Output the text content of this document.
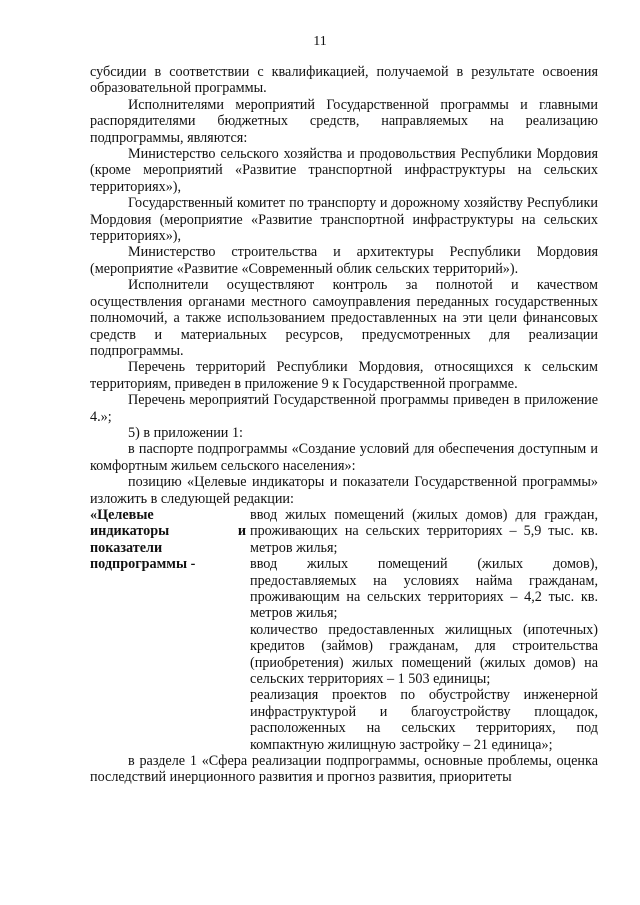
11

субсидии в соответствии с квалификацией, получаемой в результате освоения образовательной программы.

Исполнителями мероприятий Государственной программы и главными распорядителями бюджетных средств, направляемых на реализацию подпрограммы, являются:

Министерство сельского хозяйства и продовольствия Республики Мордовия (кроме мероприятий «Развитие транспортной инфраструктуры на сельских территориях»),

Государственный комитет по транспорту и дорожному хозяйству Республики Мордовия (мероприятие «Развитие транспортной инфраструктуры на сельских территориях»),

Министерство строительства и архитектуры Республики Мордовия (мероприятие «Развитие «Современный облик сельских территорий»).

Исполнители осуществляют контроль за полнотой и качеством осуществления органами местного самоуправления переданных государственных полномочий, а также использованием предоставленных на эти цели финансовых средств и материальных ресурсов, предусмотренных для реализации подпрограммы.

Перечень территорий Республики Мордовия, относящихся к сельским территориям, приведен в приложение 9 к Государственной программе.

Перечень мероприятий Государственной программы приведен в приложение 4.»;

5) в приложении 1:

в паспорте подпрограммы «Создание условий для обеспечения доступным и комфортным жильем сельского населения»:

позицию «Целевые индикаторы и показатели Государственной программы» изложить в следующей редакции:

«Целевые
индикаторы и
показатели
подпрограммы -

ввод жилых помещений (жилых домов) для граждан, проживающих на сельских территориях – 5,9 тыс. кв. метров жилья;

ввод жилых помещений (жилых домов), предоставляемых на условиях найма гражданам, проживающим на сельских территориях – 4,2 тыс. кв. метров жилья;

количество предоставленных жилищных (ипотечных) кредитов (займов) гражданам, для строительства (приобретения) жилых помещений (жилых домов) на сельских территориях – 1 503 единицы;

реализация проектов по обустройству инженерной инфраструктурой и благоустройству площадок, расположенных на сельских территориях, под компактную жилищную застройку – 21 единица»;

в разделе 1 «Сфера реализации подпрограммы, основные проблемы, оценка последствий инерционного развития и прогноз развития, приоритеты
